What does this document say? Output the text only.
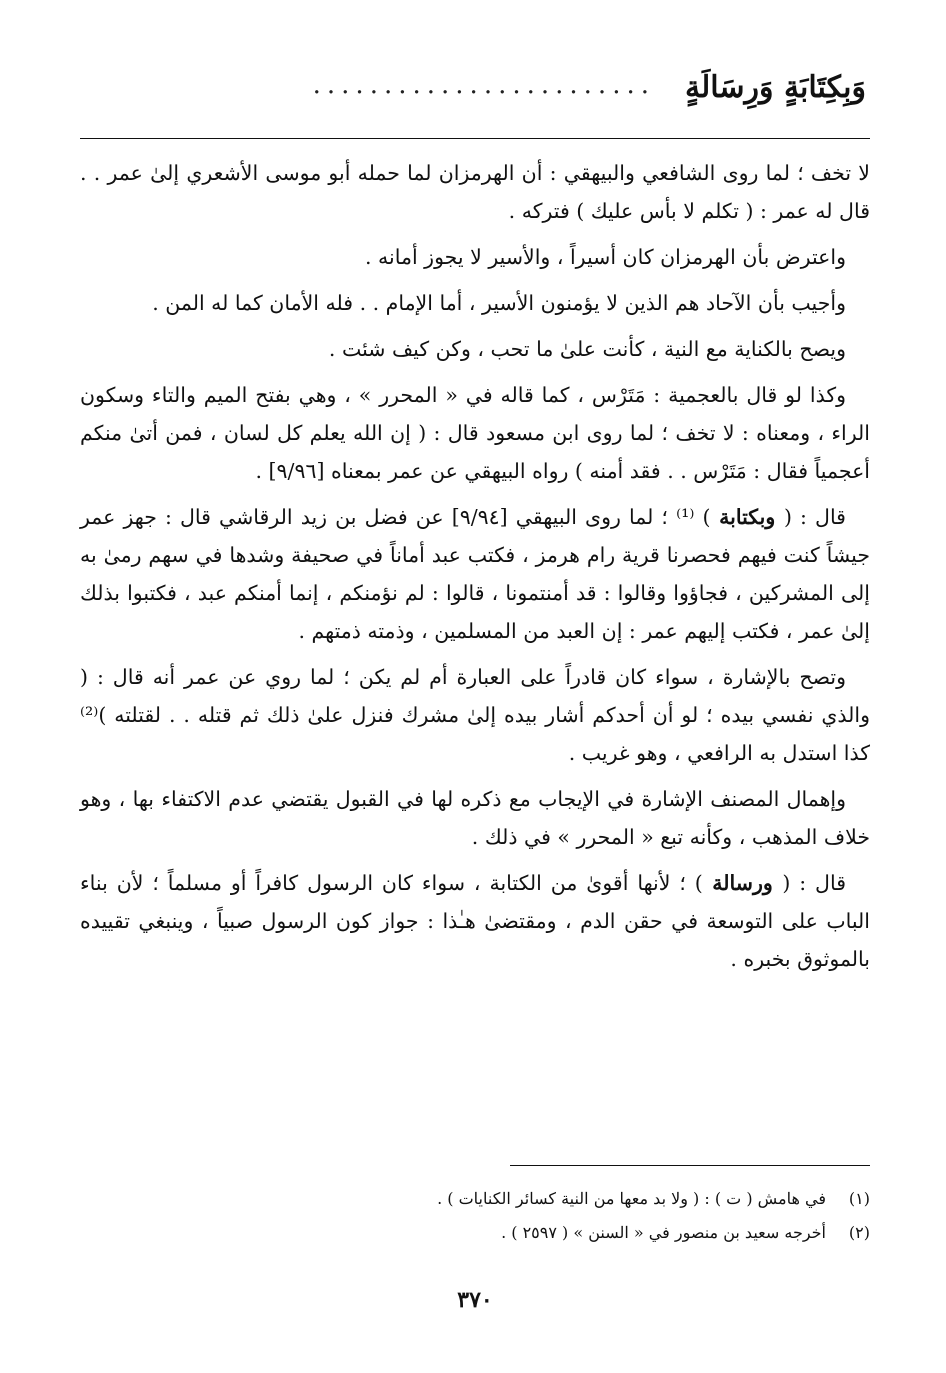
وَبِكِتَابَةٍ وَرِسَالَةٍ
........................

لا تخف ؛ لما روى الشافعي والبيهقي : أن الهرمزان لما حمله أبو موسى الأشعري إلىٰ عمر . . قال له عمر : ( تكلم لا بأس عليك ) فتركه .

واعترض بأن الهرمزان كان أسيراً ، والأسير لا يجوز أمانه .

وأجيب بأن الآحاد هم الذين لا يؤمنون الأسير ، أما الإمام . . فله الأمان كما له المن .

ويصح بالكناية مع النية ، كأنت علىٰ ما تحب ، وكن كيف شئت .

وكذا لو قال بالعجمية : مَتَرْس ، كما قاله في « المحرر » ، وهي بفتح الميم والتاء وسكون الراء ، ومعناه : لا تخف ؛ لما روى ابن مسعود قال : ( إن الله يعلم كل لسان ، فمن أتىٰ منكم أعجمياً فقال : مَتَرْس . . فقد أمنه ) رواه البيهقي عن عمر بمعناه [٩/٩٦] .

قال : ( وبكتابة ) ⁽¹⁾ ؛ لما روى البيهقي [٩/٩٤] عن فضل بن زيد الرقاشي قال : جهز عمر جيشاً كنت فيهم فحصرنا قرية رام هرمز ، فكتب عبد أماناً في صحيفة وشدها في سهم رمىٰ به إلى المشركين ، فجاؤوا وقالوا : قد أمنتمونا ، قالوا : لم نؤمنكم ، إنما أمنكم عبد ، فكتبوا بذلك إلىٰ عمر ، فكتب إليهم عمر : إن العبد من المسلمين ، وذمته ذمتهم .

وتصح بالإشارة ، سواء كان قادراً على العبارة أم لم يكن ؛ لما روي عن عمر أنه قال : ( والذي نفسي بيده ؛ لو أن أحدكم أشار بيده إلىٰ مشرك فنزل علىٰ ذلك ثم قتله . . لقتلته )⁽²⁾ كذا استدل به الرافعي ، وهو غريب .

وإهمال المصنف الإشارة في الإيجاب مع ذكره لها في القبول يقتضي عدم الاكتفاء بها ، وهو خلاف المذهب ، وكأنه تبع « المحرر » في ذلك .

قال : ( ورسالة ) ؛ لأنها أقوىٰ من الكتابة ، سواء كان الرسول كافراً أو مسلماً ؛ لأن بناء الباب على التوسعة في حقن الدم ، ومقتضىٰ هـٰذا : جواز كون الرسول صبياً ، وينبغي تقييده بالموثوق بخبره .

(١)في هامش ( ت ) : ( ولا بد معها من النية كسائر الكنايات ) .
(٢)أخرجه سعيد بن منصور في « السنن » ( ٢٥٩٧ ) .
٣٧٠
